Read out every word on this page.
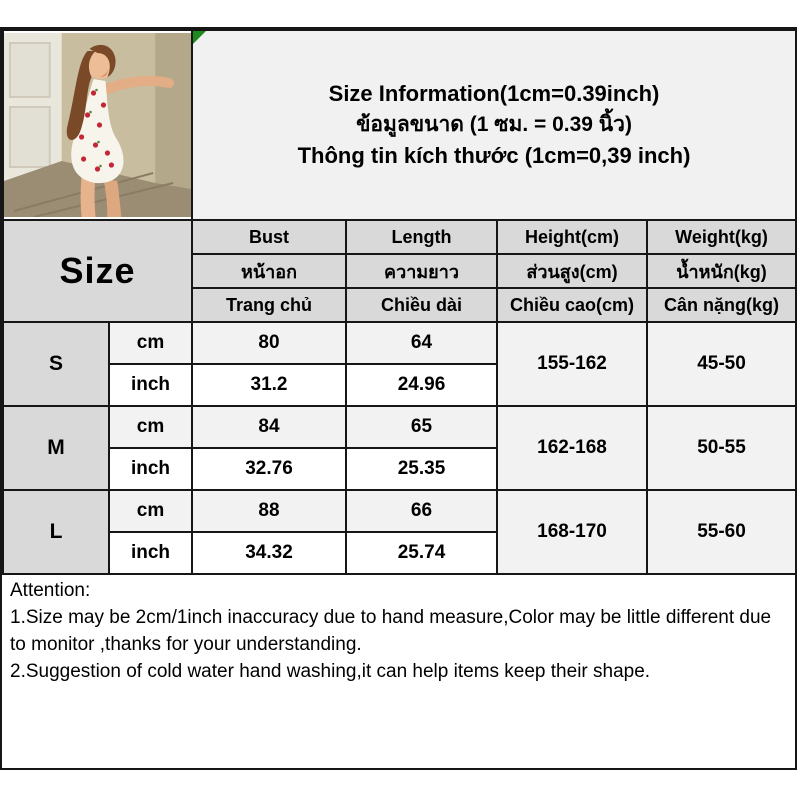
Size Information(1cm=0.39inch)
ข้อมูลขนาด (1 ซม. = 0.39 นิ้ว)
Thông tin kích thước (1cm=0,39 inch)			

Size		Bust	Length	Height(cm)	Weight(kg)
		หน้าอก	ความยาว	ส่วนสูง(cm)	น้ำหนัก(kg)
		Trang chủ	Chiều dài	Chiều cao(cm)	Cân nặng(kg)
S	cm	80	64	155-162	45-50
	inch	31.2	24.96		
M	cm	84	65	162-168	50-55
	inch	32.76	25.35		
L	cm	88	66	168-170	55-60
	inch	34.32	25.74		

Attention:

1.Size may be 2cm/1inch inaccuracy due to hand measure,Color may be little different due to monitor ,thanks for your understanding.

2.Suggestion of cold water hand washing,it can help items keep their shape.
